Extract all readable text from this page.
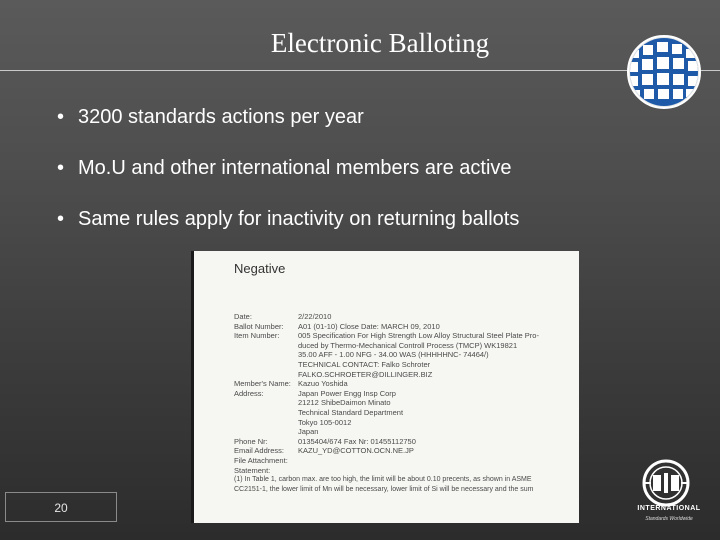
Electronic Balloting
• 3200 standards actions per year
• Mo.U and other international members are active
• Same rules apply for inactivity on returning ballots
Negative
Date:	2/22/2010
Ballot Number: A01 (01-10) Close Date: MARCH 09, 2010
Item Number: 005 Specification For High Strength Low Alloy Structural Steel Plate Pro-
duced by Thermo-Mechanical Controll Process (TMCP) WK19821
35.00 AFF - 1.00 NFG - 34.00 WAS (HHHHHNC- 74464/)
TECHNICAL CONTACT: Falko Schroter
FALKO.SCHROETER@DILLINGER.BIZ
Member's Name: Kazuo Yoshida
Address:	Japan Power Engg Insp Corp
21212 ShibeDaimon Minato
Technical Standard Department
Tokyo 105-0012
Japan
Phone Nr:	0135404/674 Fax Nr: 01455112750
Email Address: KAZU_YD@COTTON.OCN.NE.JP
File Attachment:
Statement:
(1) In Table 1, carbon max. are too high, the limit will be about 0.10 precents, as shown in ASME
CC2151-1, the lower limit of Mn will be necessary, lower limit of Si will be necessary and the sum
20	INTERNATIONAL
Standards Worldwide
